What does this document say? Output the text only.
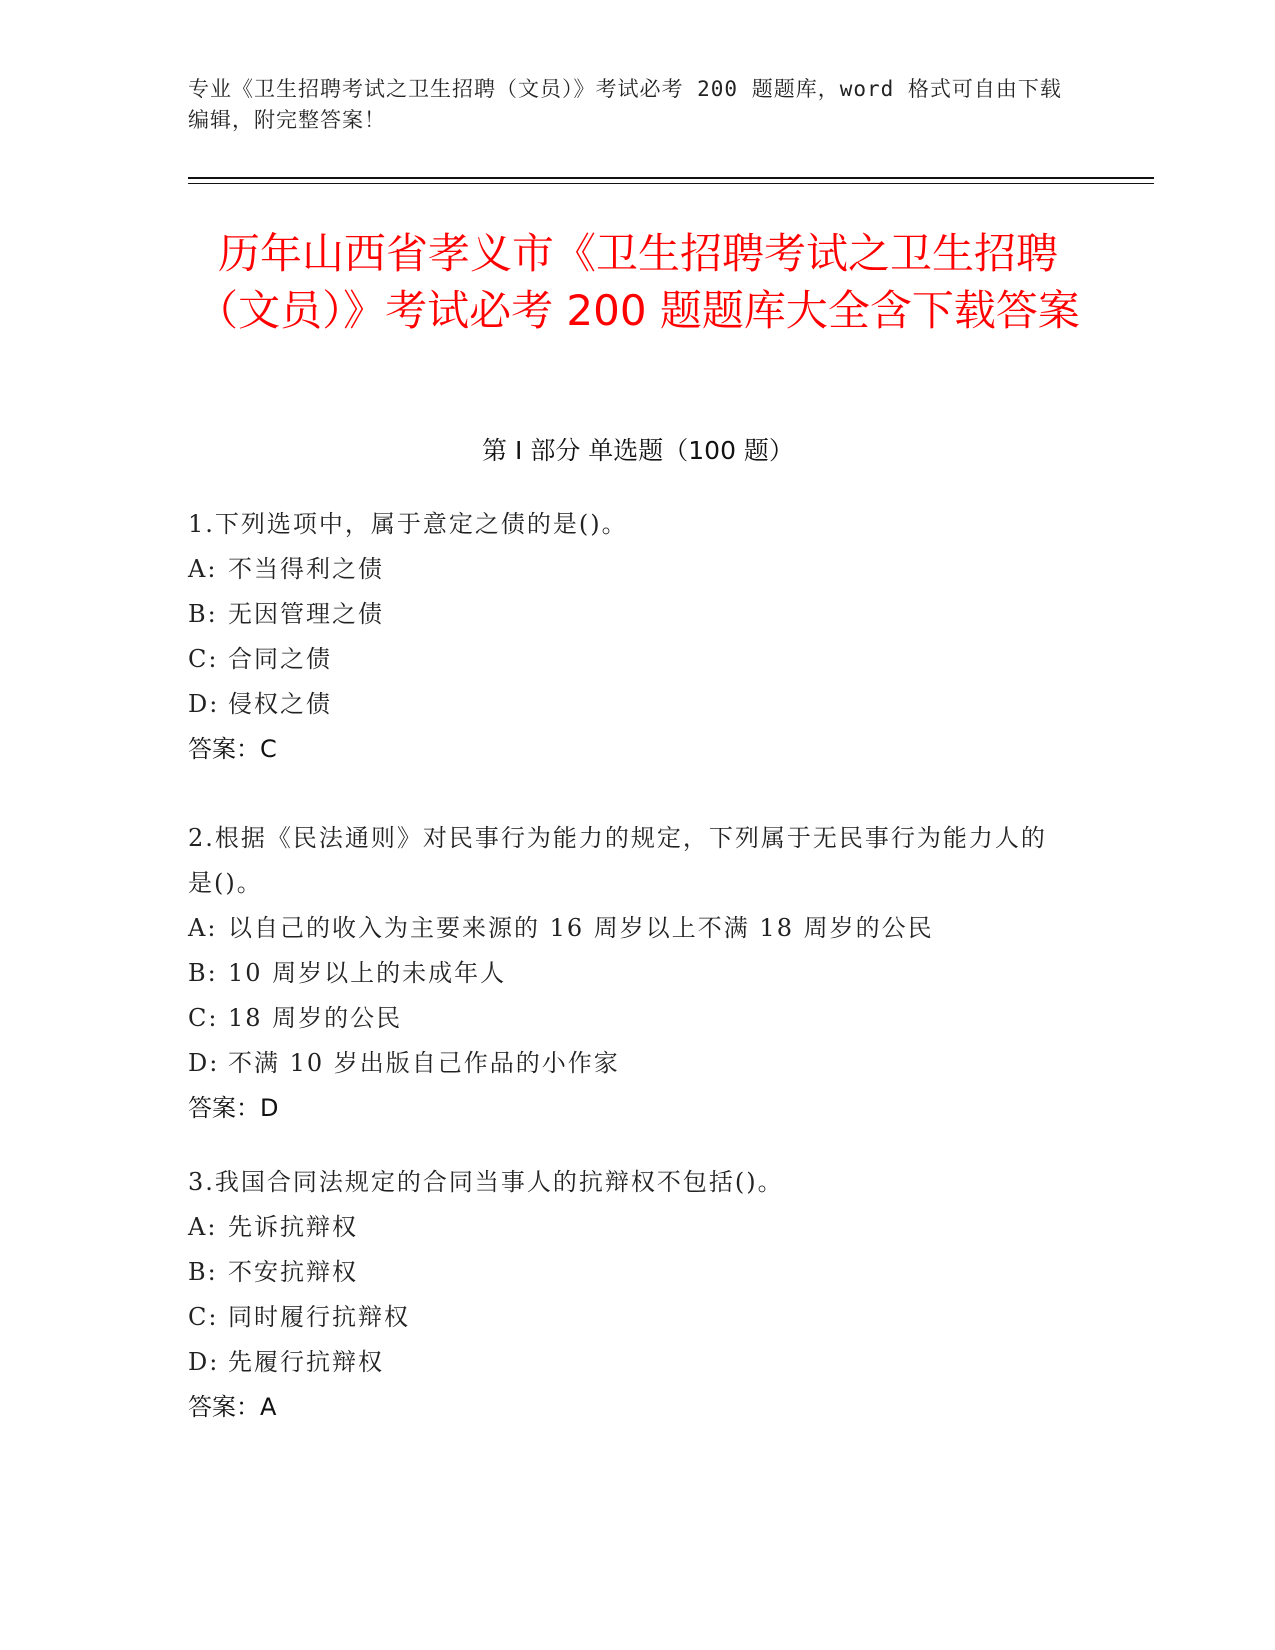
专业《卫生招聘考试之卫生招聘（文员）》考试必考 200 题题库，word 格式可自由下载编辑，附完整答案！
历年山西省孝义市《卫生招聘考试之卫生招聘（文员）》考试必考 200 题题库大全含下载答案
第 I 部分 单选题（100 题）
1.下列选项中，属于意定之债的是()。
A: 不当得利之债
B: 无因管理之债
C: 合同之债
D: 侵权之债
答案：C
2.根据《民法通则》对民事行为能力的规定，下列属于无民事行为能力人的是()。
A: 以自己的收入为主要来源的 16 周岁以上不满 18 周岁的公民
B: 10 周岁以上的未成年人
C: 18 周岁的公民
D: 不满 10 岁出版自己作品的小作家
答案：D
3.我国合同法规定的合同当事人的抗辩权不包括()。
A: 先诉抗辩权
B: 不安抗辩权
C: 同时履行抗辩权
D: 先履行抗辩权
答案：A
